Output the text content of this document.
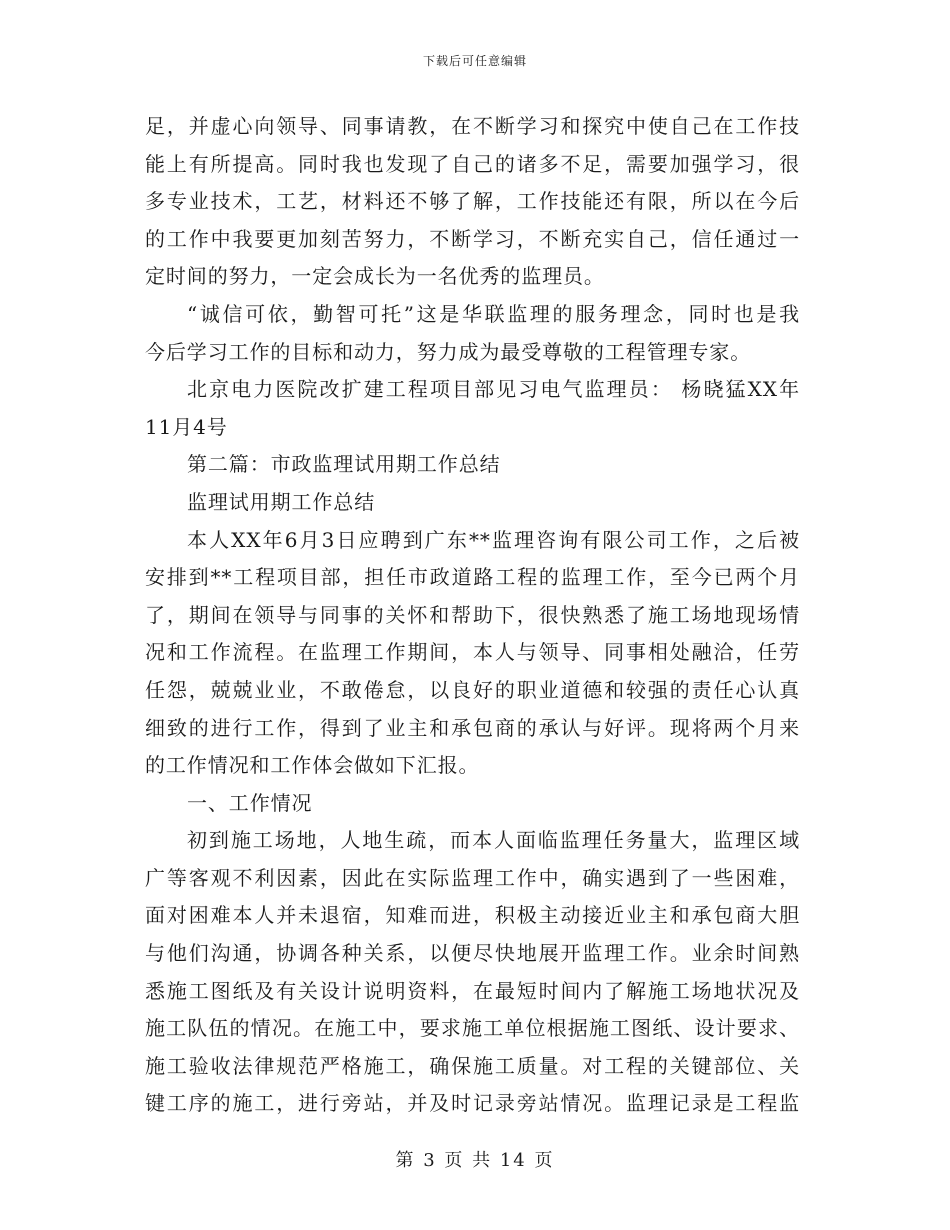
下载后可任意编辑
足，并虚心向领导、同事请教，在不断学习和探究中使自己在工作技
能上有所提高。同时我也发现了自己的诸多不足，需要加强学习，很
多专业技术，工艺，材料还不够了解，工作技能还有限，所以在今后
的工作中我要更加刻苦努力，不断学习，不断充实自己，信任通过一
定时间的努力，一定会成长为一名优秀的监理员。
“诚信可依，勤智可托”这是华联监理的服务理念，同时也是我
今后学习工作的目标和动力，努力成为最受尊敬的工程管理专家。
北京电力医院改扩建工程项目部见习电气监理员： 杨晓猛XX年
11月4号
第二篇：市政监理试用期工作总结
监理试用期工作总结
本人XX年6月3日应聘到广东**监理咨询有限公司工作，之后被
安排到**工程项目部，担任市政道路工程的监理工作，至今已两个月
了，期间在领导与同事的关怀和帮助下，很快熟悉了施工场地现场情
况和工作流程。在监理工作期间，本人与领导、同事相处融洽，任劳
任怨，兢兢业业，不敢倦怠，以良好的职业道德和较强的责任心认真
细致的进行工作，得到了业主和承包商的承认与好评。现将两个月来
的工作情况和工作体会做如下汇报。
一、工作情况
初到施工场地，人地生疏，而本人面临监理任务量大，监理区域
广等客观不利因素，因此在实际监理工作中，确实遇到了一些困难，
面对困难本人并未退宿，知难而进，积极主动接近业主和承包商大胆
与他们沟通，协调各种关系，以便尽快地展开监理工作。业余时间熟
悉施工图纸及有关设计说明资料，在最短时间内了解施工场地状况及
施工队伍的情况。在施工中，要求施工单位根据施工图纸、设计要求、
施工验收法律规范严格施工，确保施工质量。对工程的关键部位、关
键工序的施工，进行旁站，并及时记录旁站情况。监理记录是工程监
第 3 页 共 14 页
